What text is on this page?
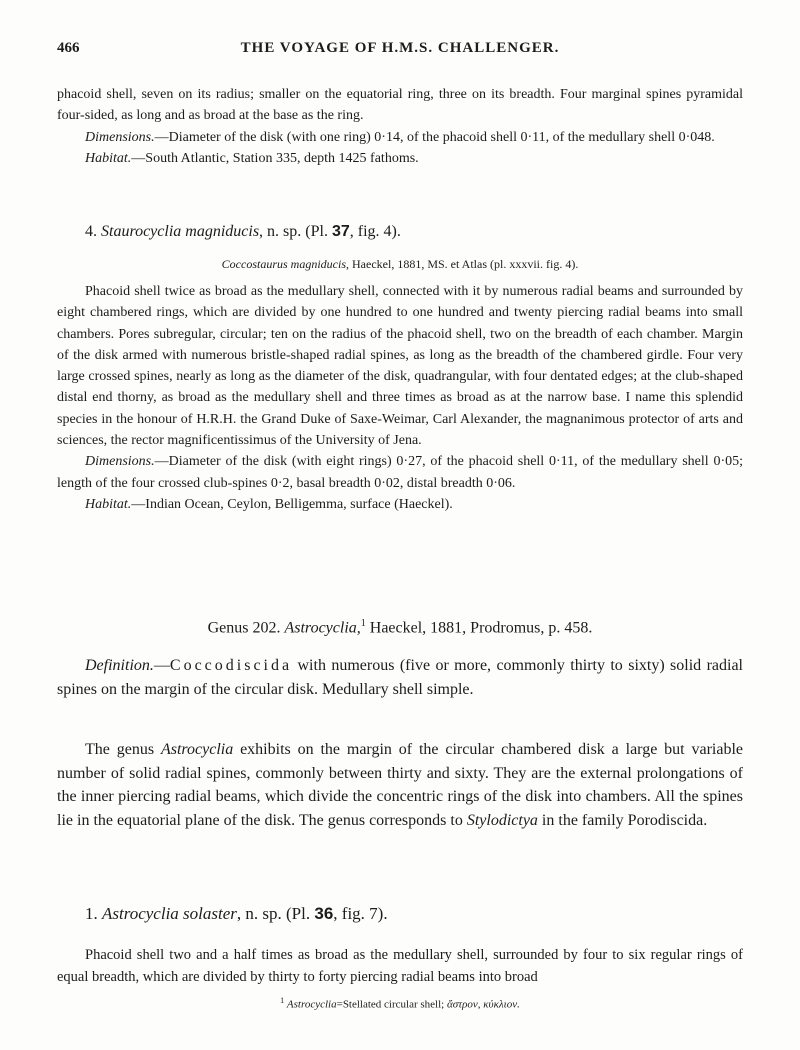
466	THE VOYAGE OF H.M.S. CHALLENGER.

phacoid shell, seven on its radius; smaller on the equatorial ring, three on its breadth. Four marginal spines pyramidal four-sided, as long and as broad at the base as the ring.

Dimensions.—Diameter of the disk (with one ring) 0·14, of the phacoid shell 0·11, of the medullary shell 0·048.

Habitat.—South Atlantic, Station 335, depth 1425 fathoms.

4. Staurocyclia magniducis, n. sp. (Pl. 37, fig. 4).

Coccostaurus magniducis, Haeckel, 1881, MS. et Atlas (pl. xxxvii. fig. 4).

Phacoid shell twice as broad as the medullary shell, connected with it by numerous radial beams and surrounded by eight chambered rings, which are divided by one hundred to one hundred and twenty piercing radial beams into small chambers. Pores subregular, circular; ten on the radius of the phacoid shell, two on the breadth of each chamber. Margin of the disk armed with numerous bristle-shaped radial spines, as long as the breadth of the chambered girdle. Four very large crossed spines, nearly as long as the diameter of the disk, quadrangular, with four dentated edges; at the club-shaped distal end thorny, as broad as the medullary shell and three times as broad as at the narrow base. I name this splendid species in the honour of H.R.H. the Grand Duke of Saxe-Weimar, Carl Alexander, the magnanimous protector of arts and sciences, the rector magnificentissimus of the University of Jena.

Dimensions.—Diameter of the disk (with eight rings) 0·27, of the phacoid shell 0·11, of the medullary shell 0·05; length of the four crossed club-spines 0·2, basal breadth 0·02, distal breadth 0·06.

Habitat.—Indian Ocean, Ceylon, Belligemma, surface (Haeckel).

Genus 202. Astrocyclia,$^1$ Haeckel, 1881, Prodromus, p. 458.

Definition.—Coccodiscida with numerous (five or more, commonly thirty to sixty) solid radial spines on the margin of the circular disk. Medullary shell simple.

The genus Astrocyclia exhibits on the margin of the circular chambered disk a large but variable number of solid radial spines, commonly between thirty and sixty. They are the external prolongations of the inner piercing radial beams, which divide the concentric rings of the disk into chambers. All the spines lie in the equatorial plane of the disk. The genus corresponds to Stylodictya in the family Porodiscida.

1. Astrocyclia solaster, n. sp. (Pl. 36, fig. 7).

Phacoid shell two and a half times as broad as the medullary shell, surrounded by four to six regular rings of equal breadth, which are divided by thirty to forty piercing radial beams into broad

$^1$ Astrocyclia=Stellated circular shell; ἄστρον, κύκλιον.
